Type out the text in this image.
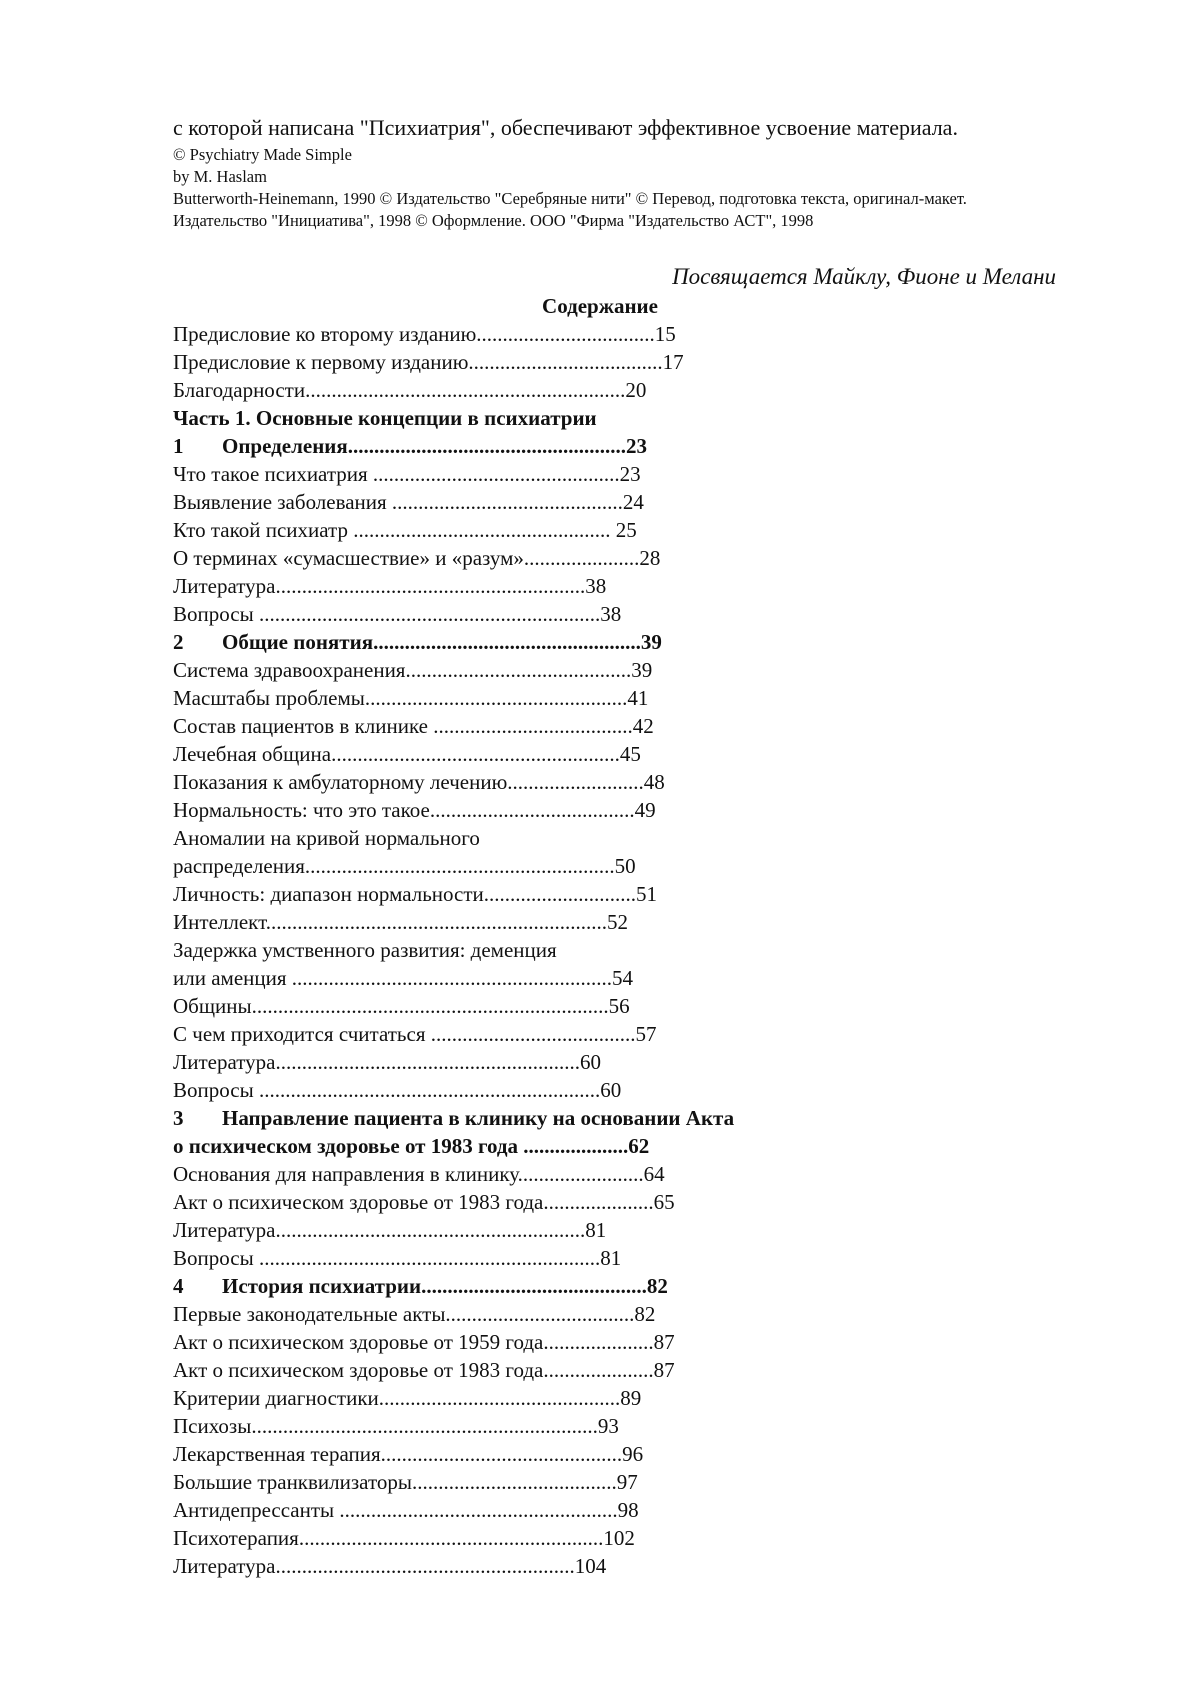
с которой написана "Психиатрия", обеспечивают эффективное усвоение материала.
© Psychiatry Made Simple
by M. Haslam
Butterworth-Heinemann, 1990 © Издательство "Серебряные нити" © Перевод, подготовка текста, оригинал-макет.
Издательство "Инициатива", 1998 © Оформление. ООО "Фирма "Издательство АСТ", 1998
Посвящается Майклу, Фионе и Мелани
Содержание
Предисловие ко второму изданию..................................15
Предисловие к первому изданию.....................................17
Благодарности.............................................................20
Часть 1. Основные концепции в психиатрии
1 Определения.....................................................23
Что такое психиатрия ...............................................23
Выявление заболевания ............................................24
Кто такой психиатр ................................................. 25
О терминах «сумасшествие» и «разум»......................28
Литература...........................................................38
Вопросы .................................................................38
2 Общие понятия...................................................39
Система здравоохранения...........................................39
Масштабы проблемы..................................................41
Состав пациентов в клинике ......................................42
Лечебная община.......................................................45
Показания к амбулаторному лечению..........................48
Нормальность: что это такое.......................................49
Аномалии на кривой нормального
распределения...........................................................50
Личность: диапазон нормальности.............................51
Интеллект.................................................................52
Задержка умственного развития: деменция
или аменция .............................................................54
Общины....................................................................56
С чем приходится считаться .......................................57
Литература..........................................................60
Вопросы .................................................................60
3 Направление пациента в клинику на основании Акта
о психическом здоровье от 1983 года ....................62
Основания для направления в клинику........................64
Акт о психическом здоровье от 1983 года.....................65
Литература...........................................................81
Вопросы .................................................................81
4 История психиатрии...........................................82
Первые законодательные акты....................................82
Акт о психическом здоровье от 1959 года.....................87
Акт о психическом здоровье от 1983 года.....................87
Критерии диагностики..............................................89
Психозы..................................................................93
Лекарственная терапия..............................................96
Большие транквилизаторы.......................................97
Антидепрессанты .....................................................98
Психотерапия..........................................................102
Литература.........................................................104
